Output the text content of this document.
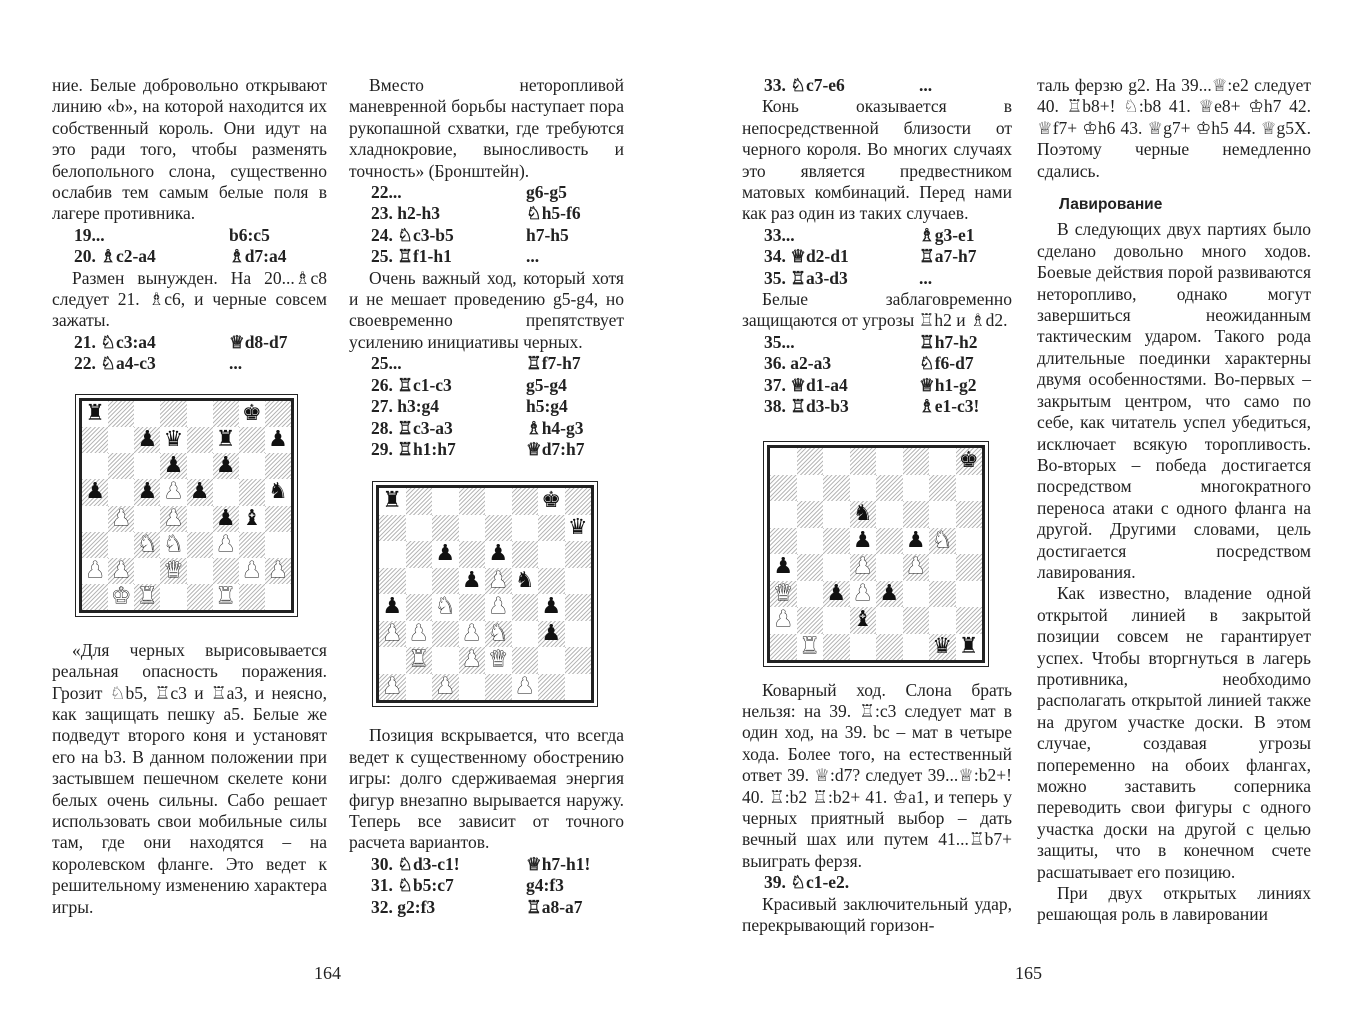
ние. Белые добровольно открывают линию «b», на которой находится их собственный король. Они идут на это ради того, чтобы разменять белопольного слона, существенно ослабив тем самым белые поля в лагере противника.

19...	b6:c5
20. ♗c2-a4	♗d7:a4

Размен вынужден. На 20...♗c8 следует 21. ♗c6, и черные совсем зажаты.

21. ♘c3:a4	♕d8-d7
22. ♘a4-c3	...

«Для черных вырисовывается реальная опасность поражения. Грозит ♘b5, ♖c3 и ♖a3, и неясно, как защищать пешку a5. Белые же подведут второго коня и установят его на b3. В данном положении при застывшем пешечном скелете кони белых очень сильны. Сабо решает использовать свои мобильные силы там, где они находятся – на королевском фланге. Это ведет к решительному изменению характера игры.

♜	♚
♟ ♛ ♜ ♟
♟ ♟
♟ ♟ ♟ ♟	♞
♟ ♟ ♟ ♝
♞ ♞ ♟
♟ ♟ ♛	♟ ♟
♚ ♜	♜

Вместо неторопливой маневренной борьбы наступает пора рукопашной схватки, где требуются хладнокровие, выносливость и точность» (Бронштейн).

22...	g6-g5
23. h2-h3	♘h5-f6
24. ♘c3-b5	h7-h5
25. ♖f1-h1	...

Очень важный ход, который хотя и не мешает проведению g5-g4, но своевременно препятствует усилению инициативы черных.

25...	♖f7-h7
26. ♖c1-c3	g5-g4
27. h3:g4	h5:g4
28. ♖c3-a3	♗h4-g3
29. ♖h1:h7	♕d7:h7

Позиция вскрывается, что всегда ведет к существенному обострению игры: долго сдерживаемая энергия фигур внезапно вырывается наружу. Теперь все зависит от точного расчета вариантов.

30. ♘d3-c1!	♕h7-h1!
31. ♘b5:c7	g4:f3
32. g2:f3	♖a8-a7
♜	♚
♛
♟ ♟
♟ ♟ ♞
♟ ♞ ♟ ♟
♟ ♟ ♟ ♞ ♟
♜ ♟ ♛
♟ ♟	♟
164
33. ♘c7-e6	...

Конь оказывается в непосредственной близости от черного короля. Во многих случаях это является предвестником матовых комбинаций. Перед нами как раз один из таких случаев.

33...	♗g3-e1
34. ♕d2-d1	♖a7-h7
35. ♖a3-d3	...

Белые заблаговременно защищаются от угрозы ♖h2 и ♗d2.

35...	♖h7-h2
36. a2-a3	♘f6-d7
37. ♕d1-a4	♕h1-g2
38. ♖d3-b3	♗e1-c3!

Коварный ход. Слона брать нельзя: на 39. ♖:c3 следует мат в один ход, на 39. bc – мат в четыре хода. Более того, на естественный ответ 39. ♕:d7? следует 39...♕:b2+! 40. ♖:b2 ♖:b2+ 41. ♔a1, и теперь у черных приятный выбор – дать вечный шах или путем 41...♖b7+ выиграть ферзя.

39. ♘c1-e2.

Красивый заключительный удар, перекрывающий горизон-

♚
♞
♟ ♟ ♞
♟	♟ ♟
♛ ♟ ♟ ♟
♟	♝
♜	♛ ♜

таль ферзю g2. На 39...♕:e2 следует 40. ♖b8+! ♘:b8 41. ♕e8+ ♔h7 42. ♕f7+ ♔h6 43. ♕g7+ ♔h5 44. ♕g5X. Поэтому черные немедленно сдались.

Лавирование

В следующих двух партиях было сделано довольно много ходов. Боевые действия порой развиваются неторопливо, однако могут завершиться неожиданным тактическим ударом. Такого рода длительные поединки характерны двумя особенностями. Во-первых – закрытым центром, что само по себе, как читатель успел убедиться, исключает всякую торопливость. Во-вторых – победа достигается посредством многократного переноса атаки с одного фланга на другой. Другими словами, цель достигается посредством лавирования.

Как известно, владение одной открытой линией в закрытой позиции совсем не гарантирует успех. Чтобы вторгнуться в лагерь противника, необходимо располагать открытой линией также на другом участке доски. В этом случае, создавая угрозы попеременно на обоих флангах, можно заставить соперника переводить свои фигуры с одного участка доски на другой с целью защиты, что в конечном счете расшатывает его позицию.

При двух открытых линиях решающая роль в лавировании

165
